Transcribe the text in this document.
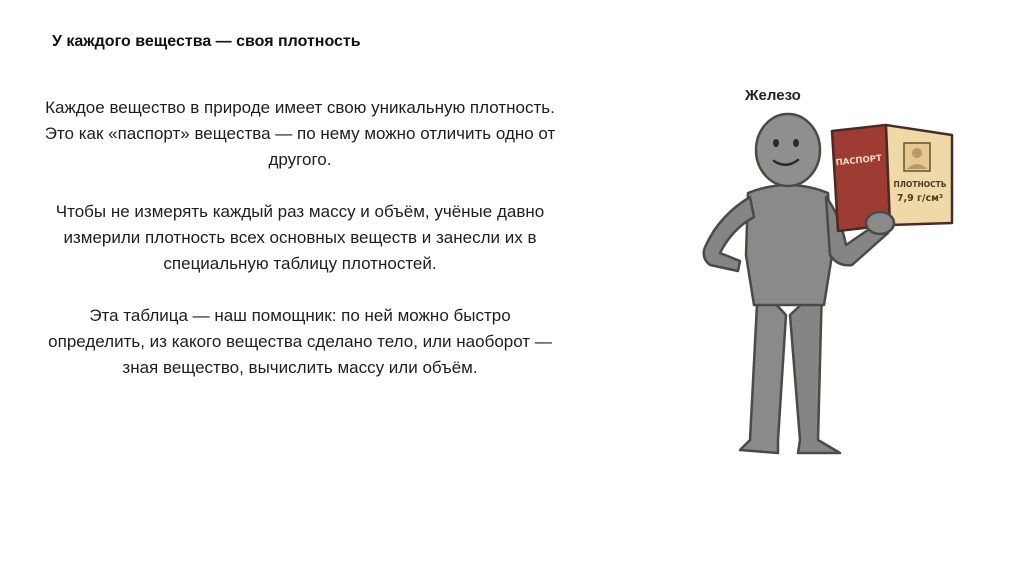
У каждого вещества — своя плотность

Каждое вещество в природе имеет свою уникальную плотность. Это как «паспорт» вещества — по нему можно отличить одно от другого.

Чтобы не измерять каждый раз массу и объём, учёные давно измерили плотность всех основных веществ и занесли их в специальную таблицу плотностей.

Эта таблица — наш помощник: по ней можно быстро определить, из какого вещества сделано тело, или наоборот — зная вещество, вычислить массу или объём.

Железо
ПАСПОРТ
ПЛОТНОСТЬ
7,9 г/см³
